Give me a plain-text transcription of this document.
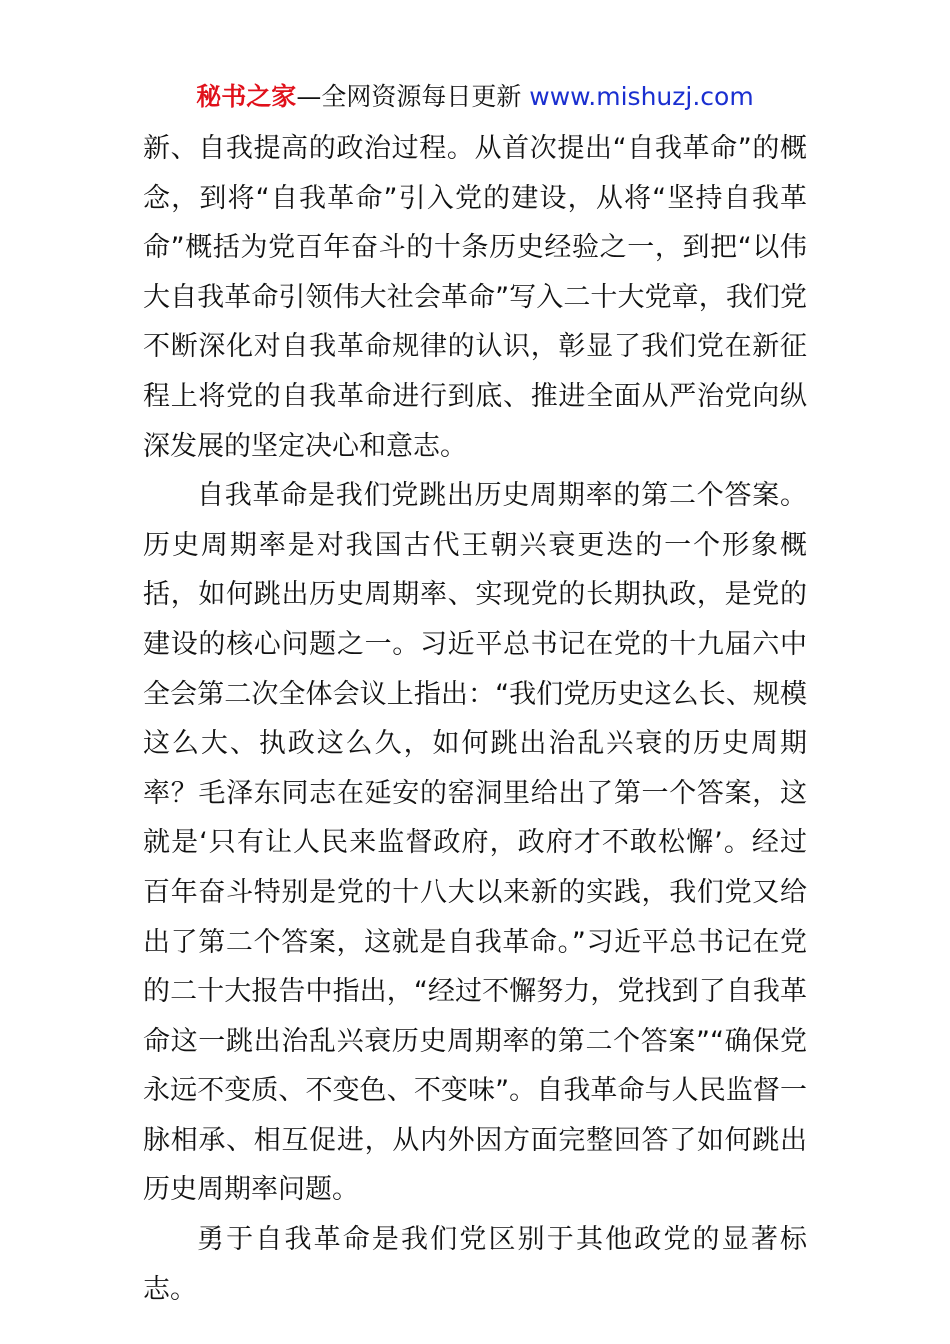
秘书之家—全网资源每日更新 www.mishuzj.com

新、自我提高的政治过程。从首次提出“自我革命”的概念，到将“自我革命”引入党的建设，从将“坚持自我革命”概括为党百年奋斗的十条历史经验之一，到把“以伟大自我革命引领伟大社会革命”写入二十大党章，我们党不断深化对自我革命规律的认识，彰显了我们党在新征程上将党的自我革命进行到底、推进全面从严治党向纵深发展的坚定决心和意志。

自我革命是我们党跳出历史周期率的第二个答案。历史周期率是对我国古代王朝兴衰更迭的一个形象概括，如何跳出历史周期率、实现党的长期执政，是党的建设的核心问题之一。习近平总书记在党的十九届六中全会第二次全体会议上指出：“我们党历史这么长、规模这么大、执政这么久，如何跳出治乱兴衰的历史周期率？毛泽东同志在延安的窑洞里给出了第一个答案，这就是‘只有让人民来监督政府，政府才不敢松懈’。经过百年奋斗特别是党的十八大以来新的实践，我们党又给出了第二个答案，这就是自我革命。”习近平总书记在党的二十大报告中指出，“经过不懈努力，党找到了自我革命这一跳出治乱兴衰历史周期率的第二个答案”“确保党永远不变质、不变色、不变味”。自我革命与人民监督一脉相承、相互促进，从内外因方面完整回答了如何跳出历史周期率问题。

勇于自我革命是我们党区别于其他政党的显著标志。
